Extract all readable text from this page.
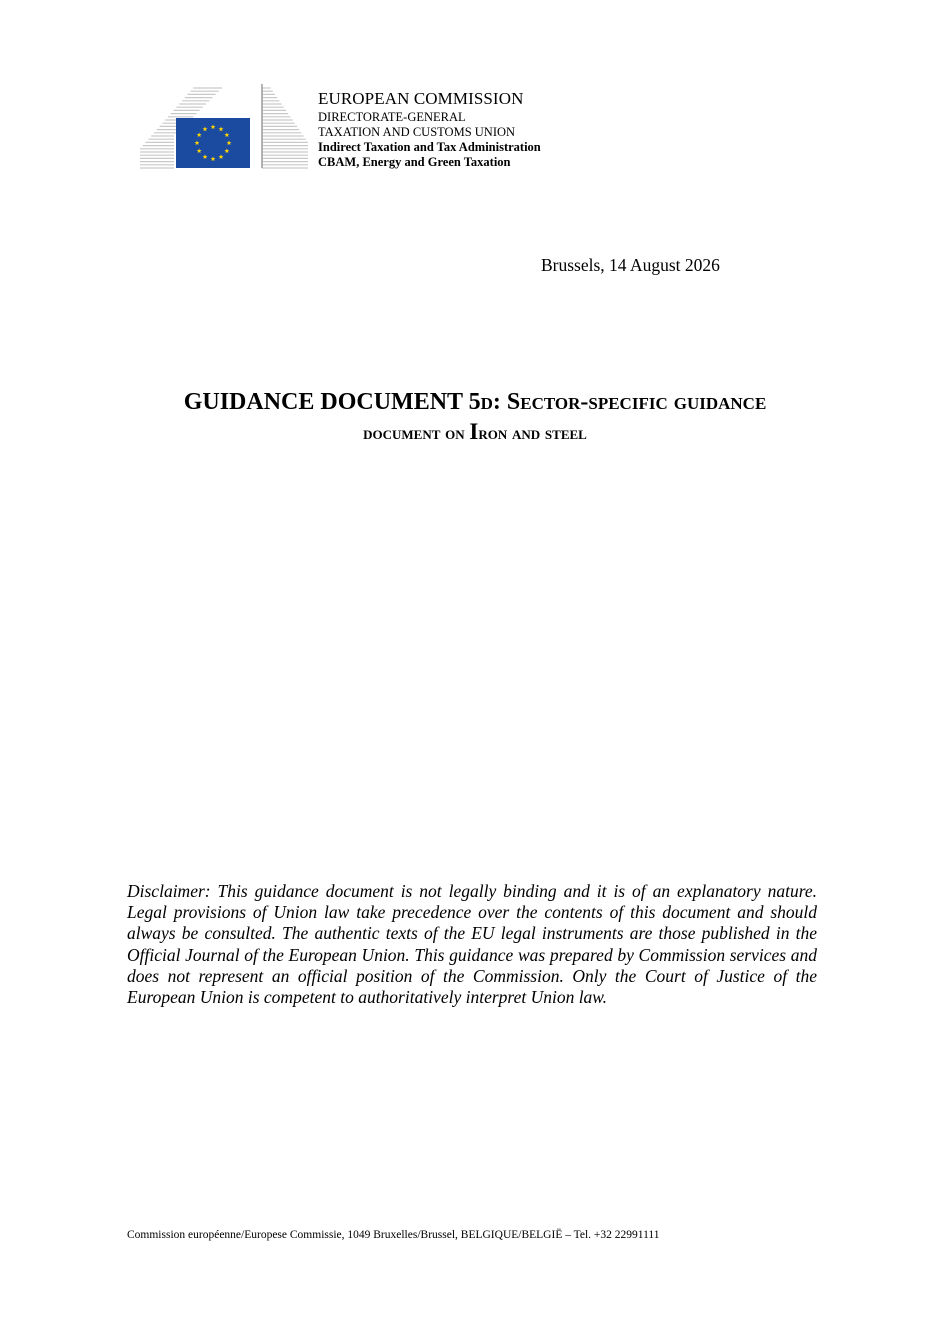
EUROPEAN COMMISSION
DIRECTORATE-GENERAL
TAXATION AND CUSTOMS UNION
Indirect Taxation and Tax Administration
CBAM, Energy and Green Taxation
Brussels, 14 August 2026
GUIDANCE DOCUMENT 5d: Sector-specific guidance
document on Iron and steel
Disclaimer: This guidance document is not legally binding and it is of an explanatory nature. Legal provisions of Union law take precedence over the contents of this document and should always be consulted. The authentic texts of the EU legal instruments are those published in the Official Journal of the European Union. This guidance was prepared by Commission services and does not represent an official position of the Commission. Only the Court of Justice of the European Union is competent to authoritatively interpret Union law.
Commission européenne/Europese Commissie, 1049 Bruxelles/Brussel, BELGIQUE/BELGIË – Tel. +32 22991111
